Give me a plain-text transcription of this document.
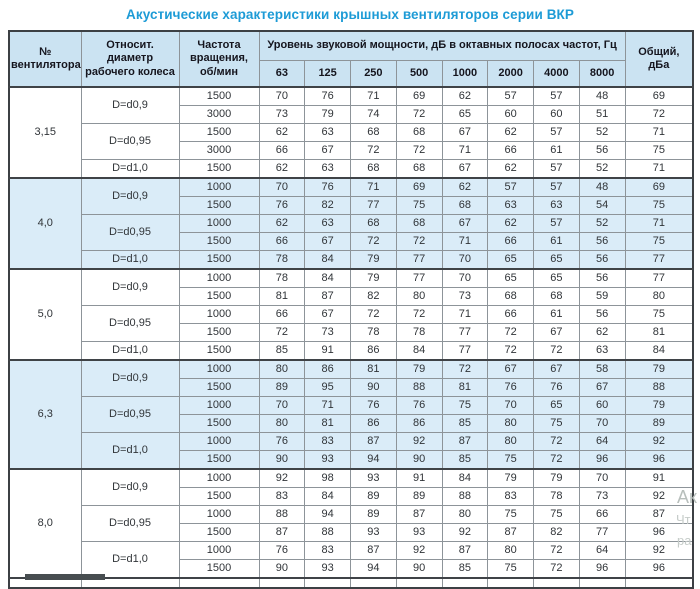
Акустические характеристики крышных вентиляторов серии ВКР
№ вентилятора	Относит. диаметр рабочего колеса	Частота вращения, об/мин	Уровень звуковой мощности, дБ в октавных полосах частот, Гц								Общий, дБа
			63	125	250	500	1000	2000	4000	8000	
3,15	D=d0,9	1500	70	76	71	69	62	57	57	48	69
		3000	73	79	74	72	65	60	60	51	72
	D=d0,95	1500	62	63	68	68	67	62	57	52	71
		3000	66	67	72	72	71	66	61	56	75
	D=d1,0	1500	62	63	68	68	67	62	57	52	71
4,0	D=d0,9	1000	70	76	71	69	62	57	57	48	69
		1500	76	82	77	75	68	63	63	54	75
	D=d0,95	1000	62	63	68	68	67	62	57	52	71
		1500	66	67	72	72	71	66	61	56	75
	D=d1,0	1500	78	84	79	77	70	65	65	56	77
5,0	D=d0,9	1000	78	84	79	77	70	65	65	56	77
		1500	81	87	82	80	73	68	68	59	80
	D=d0,95	1000	66	67	72	72	71	66	61	56	75
		1500	72	73	78	78	77	72	67	62	81
	D=d1,0	1500	85	91	86	84	77	72	72	63	84
6,3	D=d0,9	1000	80	86	81	79	72	67	67	58	79
		1500	89	95	90	88	81	76	76	67	88
	D=d0,95	1000	70	71	76	76	75	70	65	60	79
		1500	80	81	86	86	85	80	75	70	89
	D=d1,0	1000	76	83	87	92	87	80	72	64	92
		1500	90	93	94	90	85	75	72	96	96
8,0	D=d0,9	1000	92	98	93	91	84	79	79	70	91
		1500	83	84	89	89	88	83	78	73	92
	D=d0,95	1000	88	94	89	87	80	75	75	66	87
		1500	87	88	93	93	92	87	82	77	96
	D=d1,0	1000	76	83	87	92	87	80	72	64	92
		1500	90	93	94	90	85	75	72	96	96

Ак
Чт
ра
